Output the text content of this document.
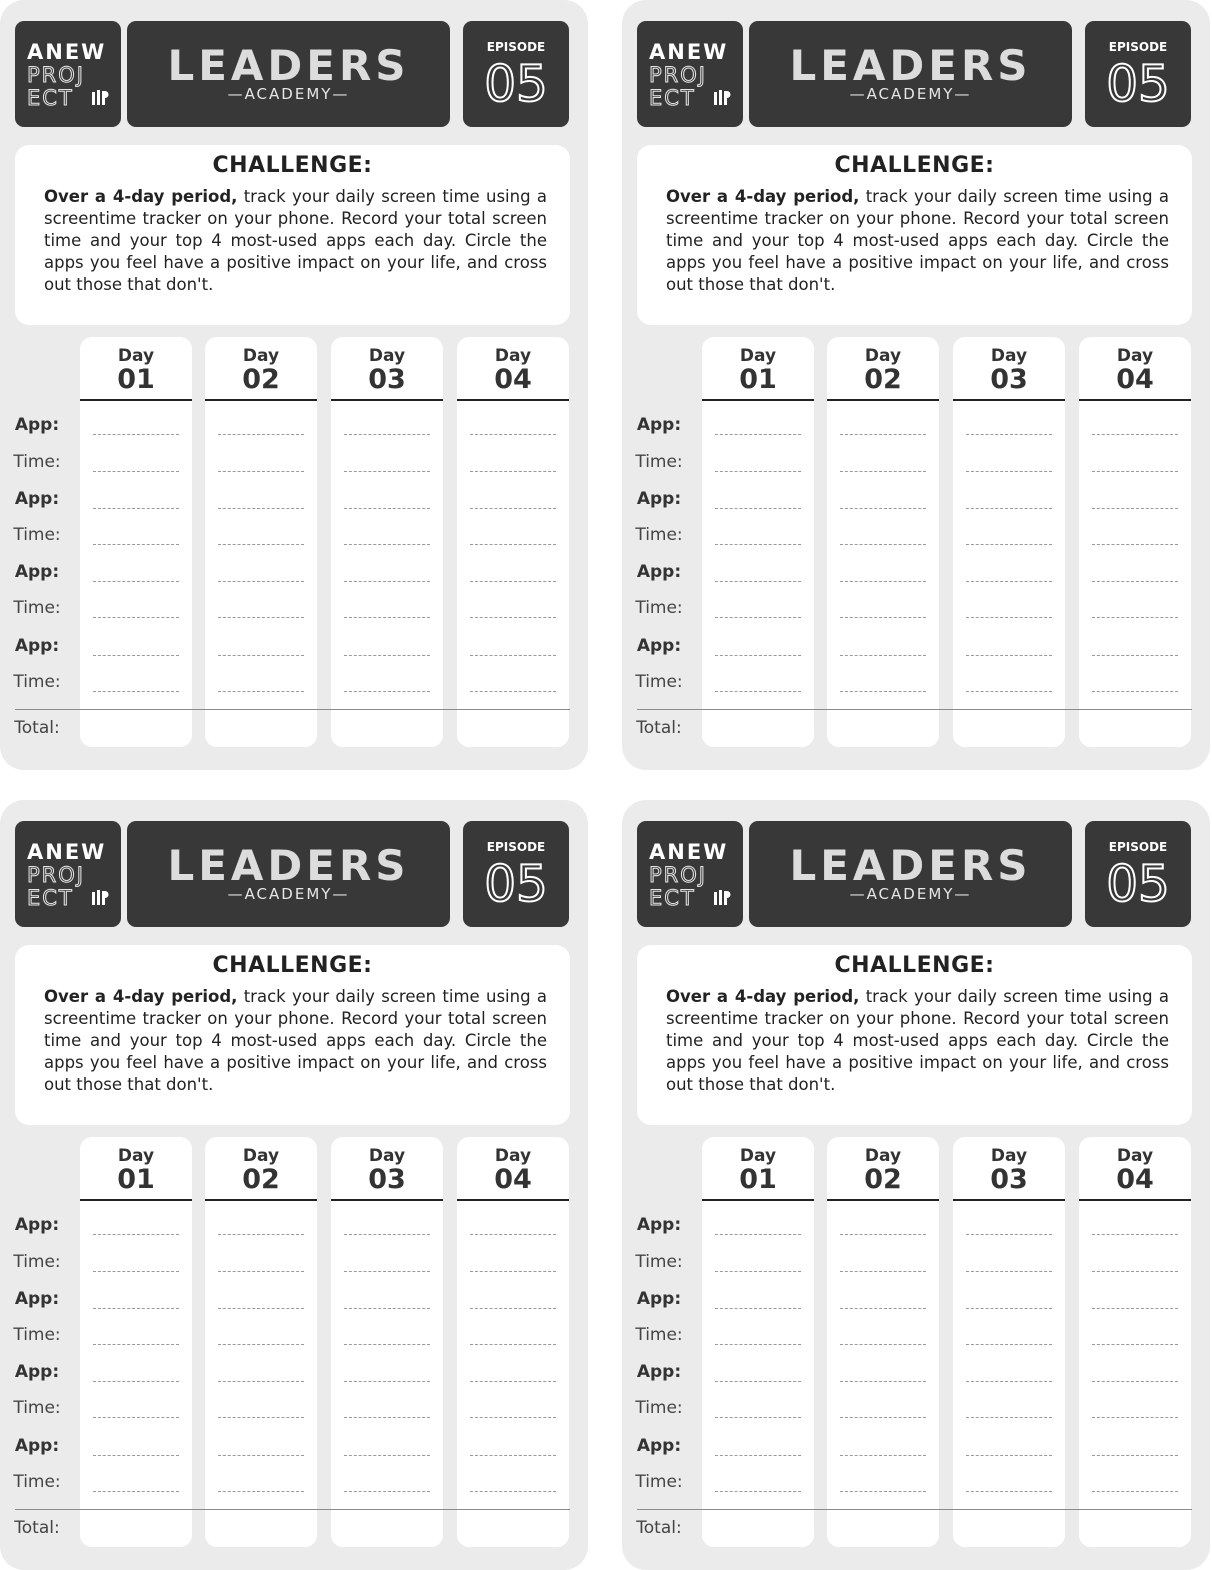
ANEW
PROJ
ECT
LEADERS
—ACADEMY—
EPISODE
05
CHALLENGE:

Over a 4-day period, track your daily screen time using a screentime tracker on your phone. Record your total screen time and your top 4 most-used apps each day. Circle the apps you feel have a positive impact on your life, and cross out those that don't.

App:
Time:
App:
Time:
App:
Time:
App:
Time:
Day
01
Day
02
Day
03
Day
04
Total:
ANEW
PROJ
ECT
LEADERS
—ACADEMY—
EPISODE
05
CHALLENGE:

Over a 4-day period, track your daily screen time using a screentime tracker on your phone. Record your total screen time and your top 4 most-used apps each day. Circle the apps you feel have a positive impact on your life, and cross out those that don't.

App:
Time:
App:
Time:
App:
Time:
App:
Time:
Day
01
Day
02
Day
03
Day
04
Total:
ANEW
PROJ
ECT
LEADERS
—ACADEMY—
EPISODE
05
CHALLENGE:

Over a 4-day period, track your daily screen time using a screentime tracker on your phone. Record your total screen time and your top 4 most-used apps each day. Circle the apps you feel have a positive impact on your life, and cross out those that don't.

App:
Time:
App:
Time:
App:
Time:
App:
Time:
Day
01
Day
02
Day
03
Day
04
Total:
ANEW
PROJ
ECT
LEADERS
—ACADEMY—
EPISODE
05
CHALLENGE:

Over a 4-day period, track your daily screen time using a screentime tracker on your phone. Record your total screen time and your top 4 most-used apps each day. Circle the apps you feel have a positive impact on your life, and cross out those that don't.

App:
Time:
App:
Time:
App:
Time:
App:
Time:
Day
01
Day
02
Day
03
Day
04
Total:
